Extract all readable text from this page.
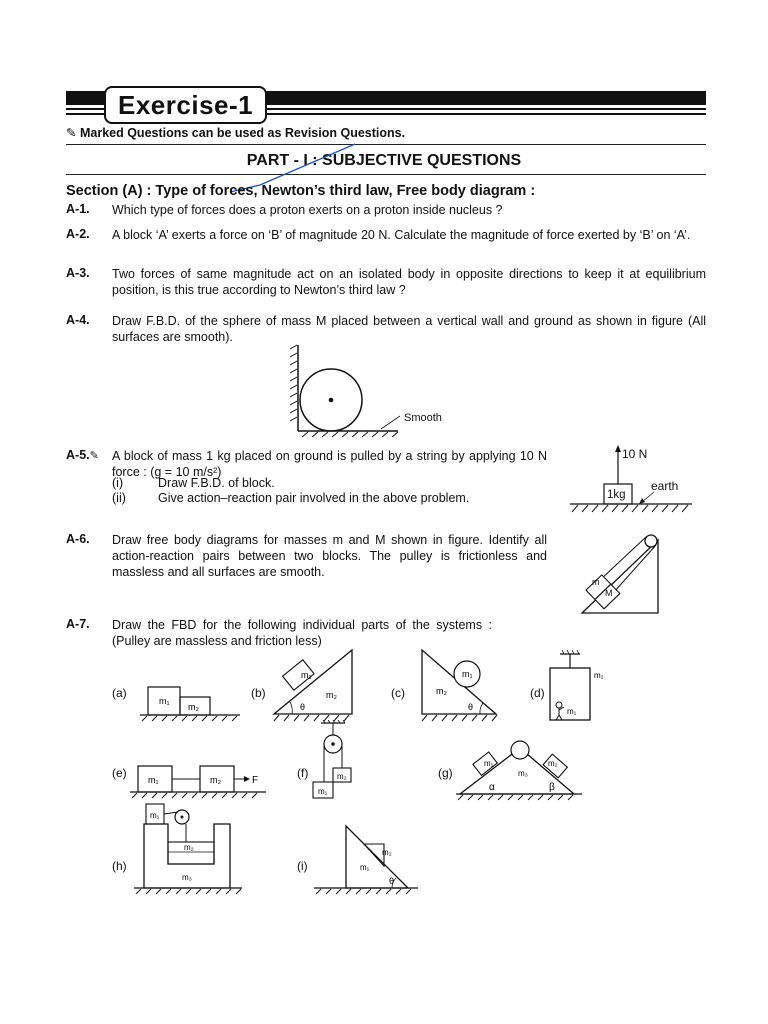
Exercise-1
✎ Marked Questions can be used as Revision Questions.
PART - I : SUBJECTIVE QUESTIONS
Section (A) : Type of forces, Newton’s third law, Free body diagram :
A-1. Which type of forces does a proton exerts on a proton inside nucleus ?
A-2. A block ‘A’ exerts a force on ‘B’ of magnitude 20 N. Calculate the magnitude of force exerted by ‘B’ on ‘A’.
A-3. Two forces of same magnitude act on an isolated body in opposite directions to keep it at equilibrium position, is this true according to Newton’s third law ?
A-4. Draw F.B.D. of the sphere of mass M placed between a vertical wall and ground as shown in figure (All surfaces are smooth).
Smooth
A-5.✎ A block of mass 1 kg placed on ground is pulled by a string by applying 10 N force : (g = 10 m/s²)
(i)	Draw F.B.D. of block.
(ii)	Give action–reaction pair involved in the above problem.
10 N
1kg
earth
A-6. Draw free body diagrams for masses m and M shown in figure. Identify all action-reaction pairs between two blocks. The pulley is frictionless and massless and all surfaces are smooth.
m
M
A-7. Draw the FBD for the following individual parts of the systems : (Pulley are massless and friction less)
(a)	(b)	(c)	(d)
m₁
m₂
m₁
m₂
θ
m₁
m₂
θ	m₁
m₂
(e)	(f)	(g)
m₁	m₂	F
m₁
m₂
m₁	m₂
m₃
α	β
(h)	(i)
m₁
m₂
m₃
m₂
m₁
θ
